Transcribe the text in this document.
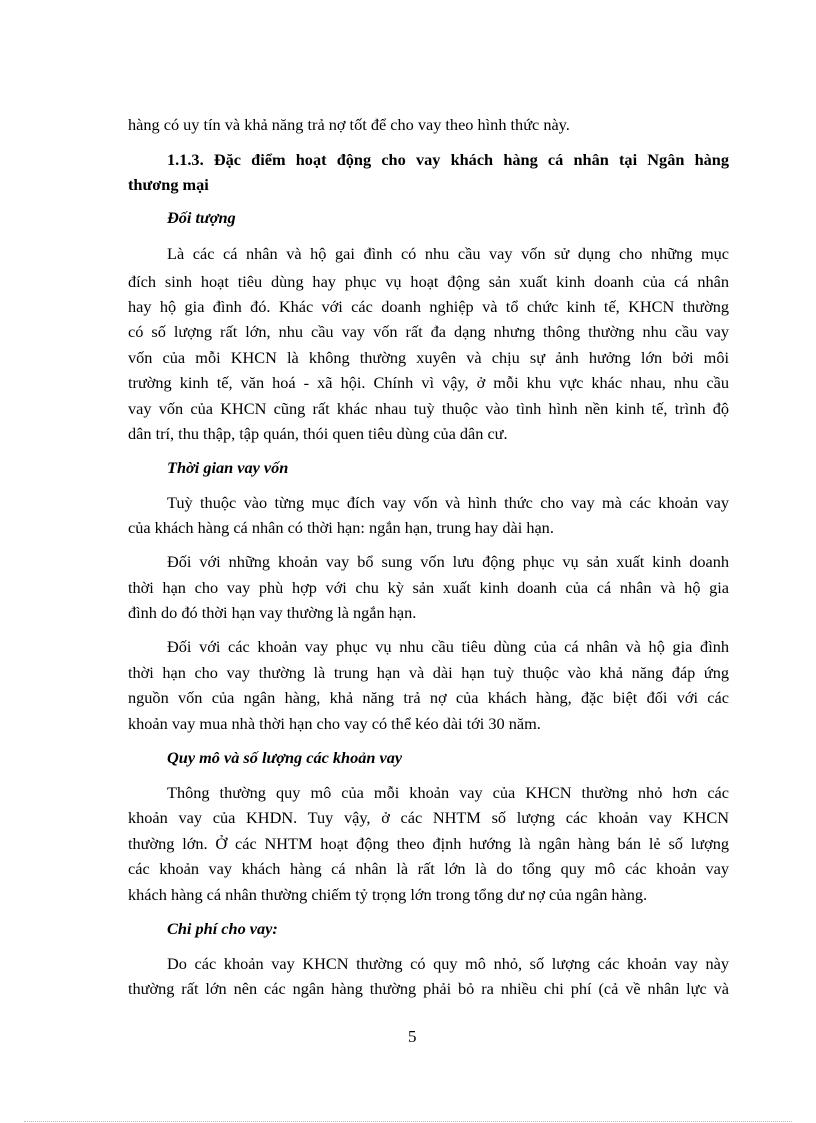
hàng có uy tín và khả năng trả nợ tốt để cho vay theo hình thức này.
1.1.3. Đặc điểm hoạt động cho vay khách hàng cá nhân tại Ngân hàng
thương mại
Đối tượng
Là các cá nhân và hộ gai đình có nhu cầu vay vốn sử dụng cho những mục
đích sinh hoạt tiêu dùng hay phục vụ hoạt động sản xuất kinh doanh của cá nhân
hay hộ gia đình đó. Khác với các doanh nghiệp và tổ chức kinh tế, KHCN thường
có số lượng rất lớn, nhu cầu vay vốn rất đa dạng nhưng thông thường nhu cầu vay
vốn của mỗi KHCN là không thường xuyên và chịu sự ảnh hưởng lớn bởi môi
trường kinh tế, văn hoá - xã hội. Chính vì vậy, ở mỗi khu vực khác nhau, nhu cầu
vay vốn của KHCN cũng rất khác nhau tuỳ thuộc vào tình hình nền kinh tế, trình độ
dân trí, thu thập, tập quán, thói quen tiêu dùng của dân cư.
Thời gian vay vốn
Tuỳ thuộc vào từng mục đích vay vốn và hình thức cho vay mà các khoản vay
của khách hàng cá nhân có thời hạn: ngắn hạn, trung hay dài hạn.
Đối với những khoản vay bổ sung vốn lưu động phục vụ sản xuất kinh doanh
thời hạn cho vay phù hợp với chu kỳ sản xuất kinh doanh của cá nhân và hộ gia
đình do đó thời hạn vay thường là ngắn hạn.
Đối với các khoản vay phục vụ nhu cầu tiêu dùng của cá nhân và hộ gia đình
thời hạn cho vay thường là trung hạn và dài hạn tuỳ thuộc vào khả năng đáp ứng
nguồn vốn của ngân hàng, khả năng trả nợ của khách hàng, đặc biệt đối với các
khoản vay mua nhà thời hạn cho vay có thể kéo dài tới 30 năm.
Quy mô và số lượng các khoản vay
Thông thường quy mô của mỗi khoản vay của KHCN thường nhỏ hơn các
khoản vay của KHDN. Tuy vậy, ở các NHTM số lượng các khoản vay KHCN
thường lớn. Ở các NHTM hoạt động theo định hướng là ngân hàng bán lẻ số lượng
các khoản vay khách hàng cá nhân là rất lớn là do tổng quy mô các khoản vay
khách hàng cá nhân thường chiếm tỷ trọng lớn trong tổng dư nợ của ngân hàng.
Chi phí cho vay:
Do các khoản vay KHCN thường có quy mô nhỏ, số lượng các khoản vay này
thường rất lớn nên các ngân hàng thường phải bỏ ra nhiều chi phí (cả về nhân lực và
5
